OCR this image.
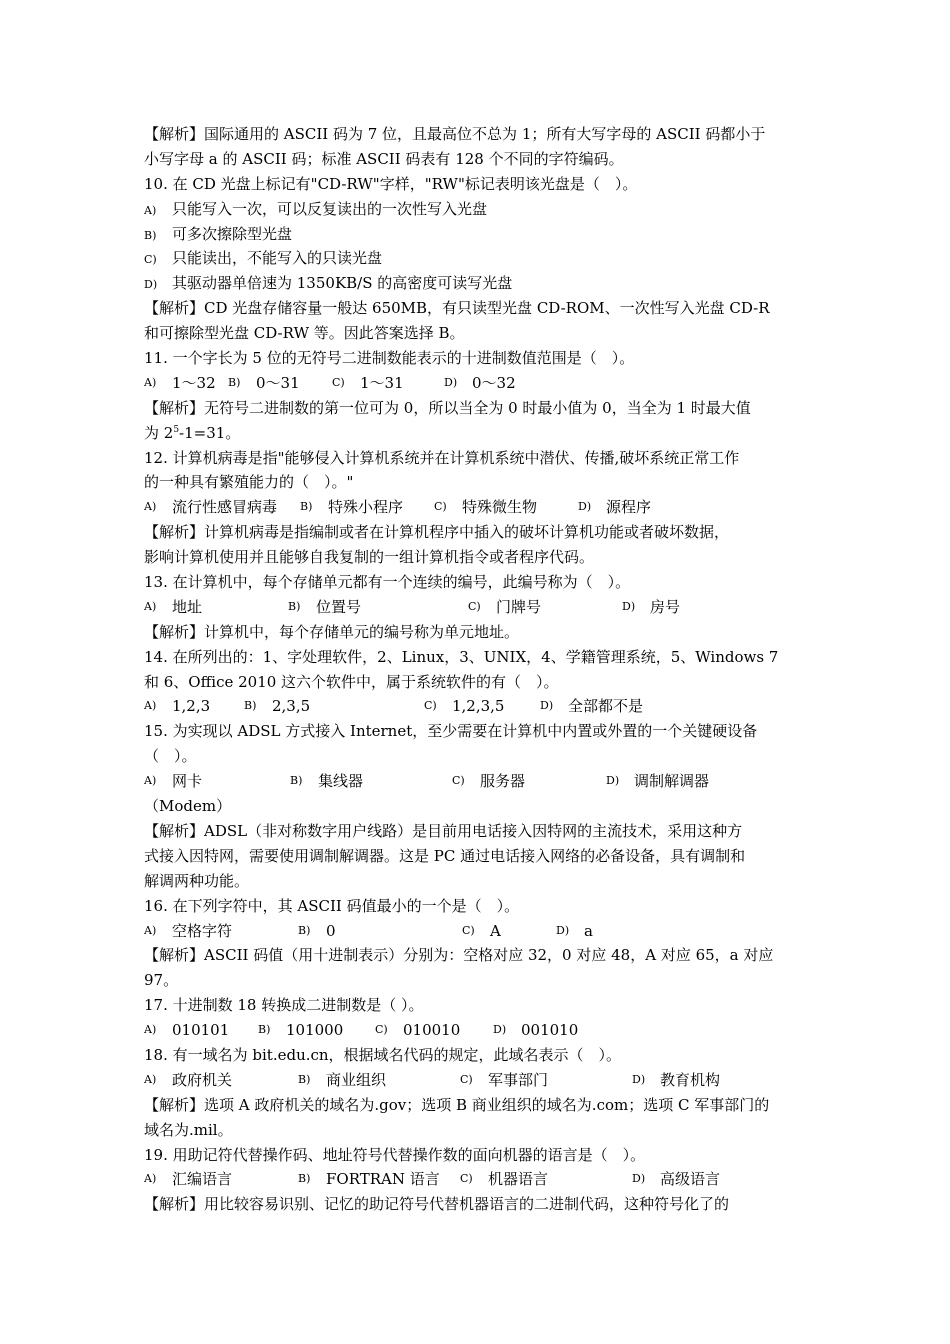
【解析】国际通用的 ASCII 码为 7 位，且最高位不总为 1；所有大写字母的 ASCII 码都小于
小写字母 a 的 ASCII 码；标准 ASCII 码表有 128 个不同的字符编码。
10. 在 CD 光盘上标记有"CD-RW"字样，"RW"标记表明该光盘是（　）。
A) 只能写入一次，可以反复读出的一次性写入光盘
B) 可多次擦除型光盘
C) 只能读出，不能写入的只读光盘
D) 其驱动器单倍速为 1350KB/S 的高密度可读写光盘
【解析】CD 光盘存储容量一般达 650MB，有只读型光盘 CD-ROM、一次性写入光盘 CD-R
和可擦除型光盘 CD-RW 等。因此答案选择 B。
11. 一个字长为 5 位的无符号二进制数能表示的十进制数值范围是（　）。
A)	1～32 B)	0～31	C)	1～31	D) 0～32
【解析】无符号二进制数的第一位可为 0，所以当全为 0 时最小值为 0，当全为 1 时最大值
为 $2^5-1=31$。
12. 计算机病毒是指"能够侵入计算机系统并在计算机系统中潜伏、传播,破坏系统正常工作
的一种具有繁殖能力的（　）。"
A)	流行性感冒病毒 B)	特殊小程序	C)	特殊微生物	D) 源程序
【解析】计算机病毒是指编制或者在计算机程序中插入的破坏计算机功能或者破坏数据，
影响计算机使用并且能够自我复制的一组计算机指令或者程序代码。
13. 在计算机中，每个存储单元都有一个连续的编号，此编号称为（　）。
A)	地址	B)	位置号	C)	门牌号	D) 房号
【解析】计算机中，每个存储单元的编号称为单元地址。
14. 在所列出的：1、字处理软件，2、Linux，3、UNIX，4、学籍管理系统，5、Windows 7
和 6、Office 2010 这六个软件中，属于系统软件的有（　）。
A)	1,2,3	B)	2,3,5	C)	1,2,3,5	D) 全部都不是
15. 为实现以 ADSL 方式接入 Internet，至少需要在计算机中内置或外置的一个关键硬设备
（　）。
A)	网卡	B)	集线器	C)	服务器	D) 调制解调器
（Modem）
【解析】ADSL（非对称数字用户线路）是目前用电话接入因特网的主流技术，采用这种方
式接入因特网，需要使用调制解调器。这是 PC 通过电话接入网络的必备设备，具有调制和
解调两种功能。
16. 在下列字符中，其 ASCII 码值最小的一个是（　）。
A)	空格字符	B)	0	C)	A	D) a
【解析】ASCII 码值（用十进制表示）分别为：空格对应 32，0 对应 48，A 对应 65，a 对应
97。
17. 十进制数 18 转换成二进制数是（ ）。
A)	010101	B)	101000	C)	010010	D) 001010
18. 有一域名为 bit.edu.cn，根据域名代码的规定，此域名表示（　）。
A)	政府机关	B)	商业组织	C)	军事部门	D) 教育机构
【解析】选项 A 政府机关的域名为.gov；选项 B 商业组织的域名为.com；选项 C 军事部门的
域名为.mil。
19. 用助记符代替操作码、地址符号代替操作数的面向机器的语言是（　）。
A)	汇编语言	B)	FORTRAN 语言 C)	机器语言	D) 高级语言
【解析】用比较容易识别、记忆的助记符号代替机器语言的二进制代码，这种符号化了的
